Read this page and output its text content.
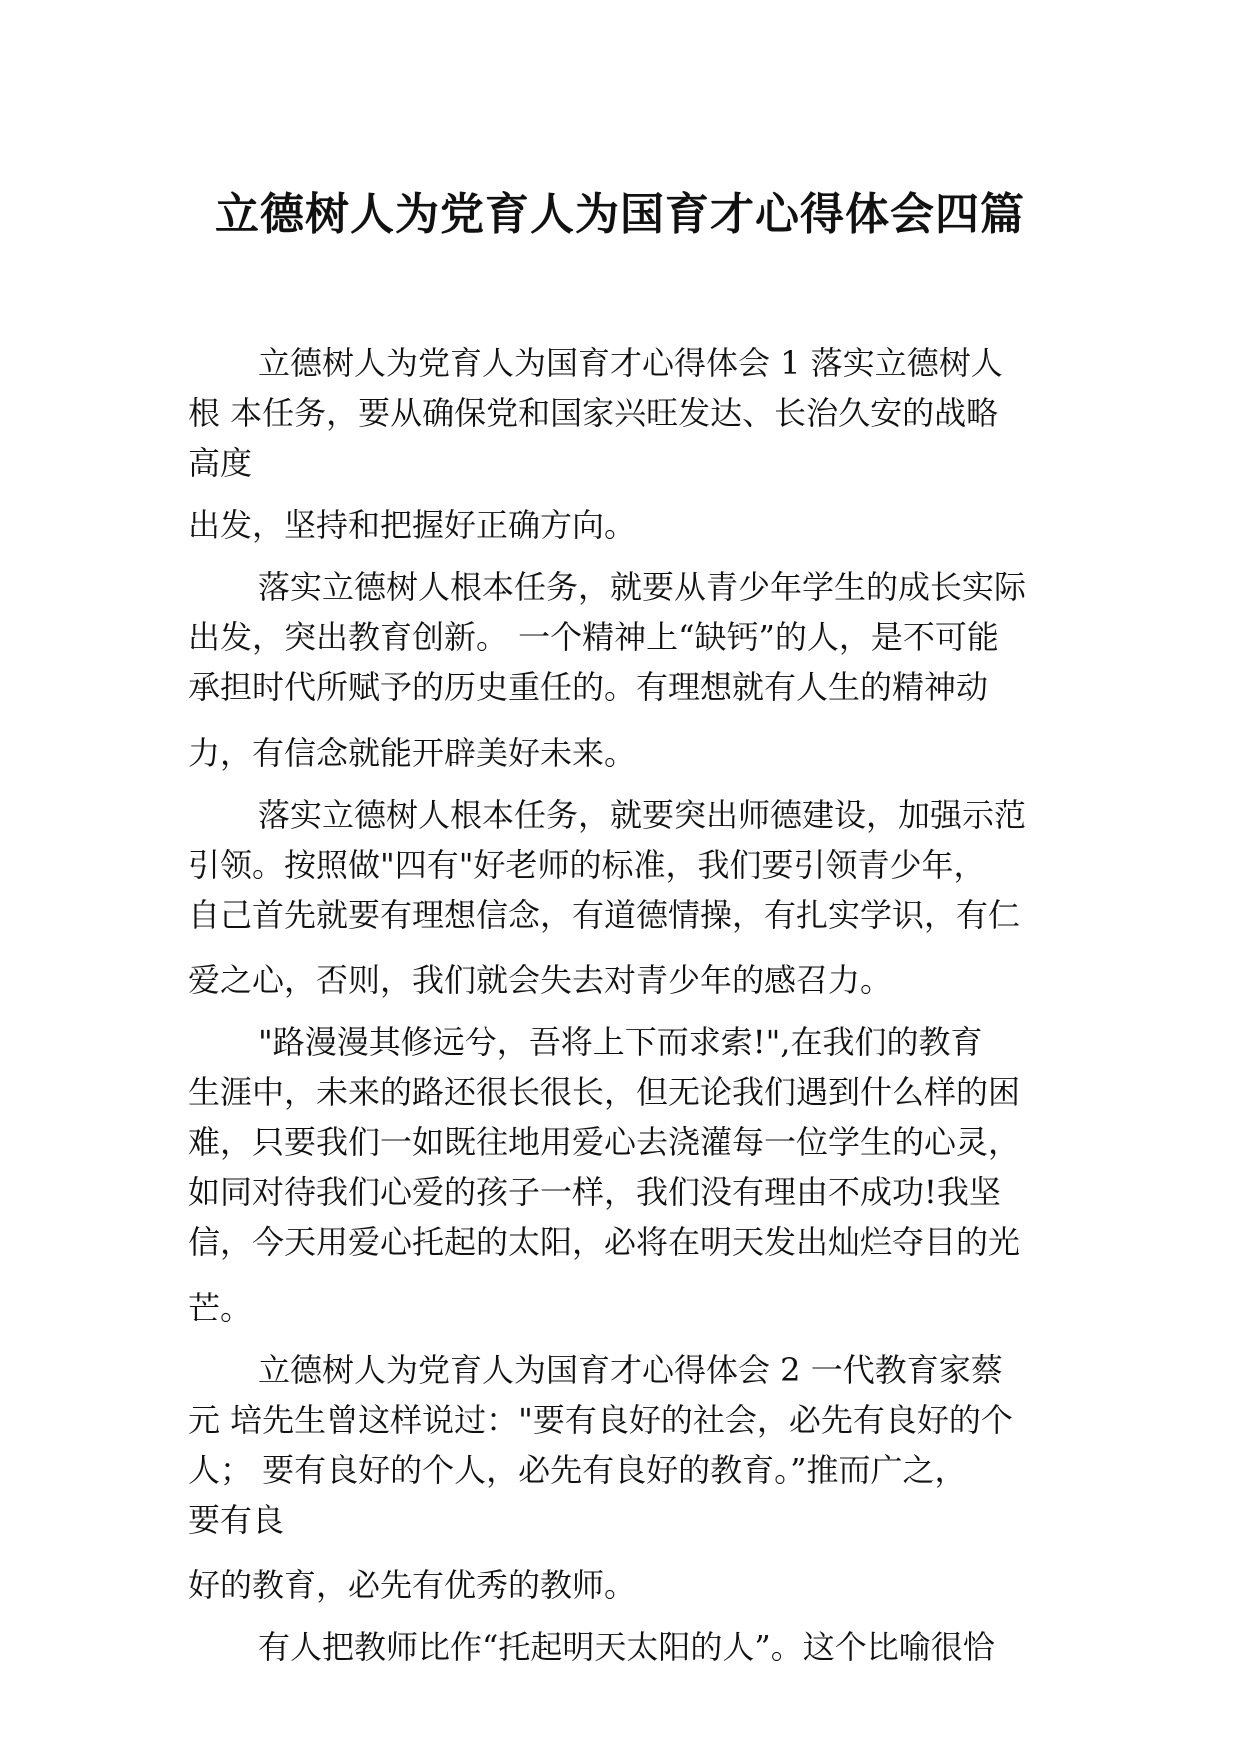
立德树人为党育人为国育才心得体会四篇

立德树人为党育人为国育才心得体会 1 落实立德树人
根 本任务，要从确保党和国家兴旺发达、长治久安的战略
高度

出发，坚持和把握好正确方向。

落实立德树人根本任务，就要从青少年学生的成长实际
出发，突出教育创新。 一个精神上“缺钙”的人，是不可能
承担时代所赋予的历史重任的。有理想就有人生的精神动

力，有信念就能开辟美好未来。

落实立德树人根本任务，就要突出师德建设，加强示范
引领。按照做"四有"好老师的标准，我们要引领青少年，
自己首先就要有理想信念，有道德情操，有扎实学识，有仁

爱之心，否则，我们就会失去对青少年的感召力。

"路漫漫其修远兮，吾将上下而求索!",在我们的教育
生涯中，未来的路还很长很长，但无论我们遇到什么样的困
难，只要我们一如既往地用爱心去浇灌每一位学生的心灵，
如同对待我们心爱的孩子一样，我们没有理由不成功!我坚
信，今天用爱心托起的太阳，必将在明天发出灿烂夺目的光

芒。

立德树人为党育人为国育才心得体会 2 一代教育家蔡
元 培先生曾这样说过："要有良好的社会，必先有良好的个
人； 要有良好的个人，必先有良好的教育。”推而广之，
要有良

好的教育，必先有优秀的教师。

有人把教师比作“托起明天太阳的人”。这个比喻很恰
